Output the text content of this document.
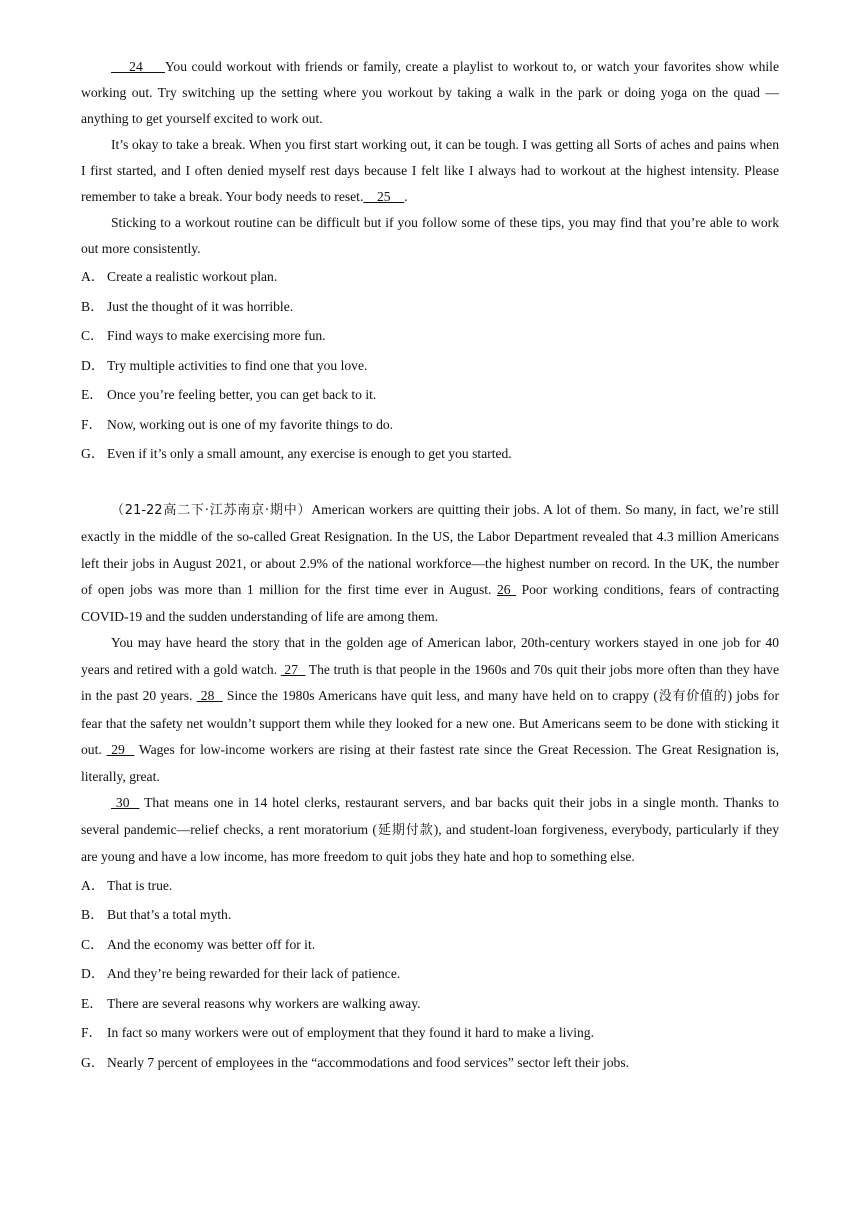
24     You could workout with friends or family, create a playlist to workout to, or watch your favorites show while working out. Try switching up the setting where you workout by taking a walk in the park or doing yoga on the quad — anything to get yourself excited to work out.

It’s okay to take a break. When you first start working out, it can be tough. I was getting all Sorts of aches and pains when I first started, and I often denied myself rest days because I felt like I always had to workout at the highest intensity. Please remember to take a break. Your body needs to reset.    25    .

Sticking to a workout routine can be difficult but if you follow some of these tips, you may find that you’re able to work out more consistently.

A． Create a realistic workout plan.
B． Just the thought of it was horrible.
C． Find ways to make exercising more fun.
D． Try multiple activities to find one that you love.
E． Once you’re feeling better, you can get back to it.
F． Now, working out is one of my favorite things to do.
G． Even if it’s only a small amount, any exercise is enough to get you started.

（21-22高二下·江苏南京·期中）American workers are quitting their jobs. A lot of them. So many, in fact, we’re still exactly in the middle of the so-called Great Resignation. In the US, the Labor Department revealed that 4.3 million Americans left their jobs in August 2021, or about 2.9% of the national workforce—the highest number on record. In the UK, the number of open jobs was more than 1 million for the first time ever in August. 26  Poor working conditions, fears of contracting COVID-19 and the sudden understanding of life are among them.

You may have heard the story that in the golden age of American labor, 20th-century workers stayed in one job for 40 years and retired with a gold watch.  27   The truth is that people in the 1960s and 70s quit their jobs more often than they have in the past 20 years.  28   Since the 1980s Americans have quit less, and many have held on to crappy (没有价值的) jobs for fear that the safety net wouldn’t support them while they looked for a new one. But Americans seem to be done with sticking it out.  29   Wages for low-income workers are rising at their fastest rate since the Great Recession. The Great Resignation is, literally, great.

30   That means one in 14 hotel clerks, restaurant servers, and bar backs quit their jobs in a single month. Thanks to several pandemic—relief checks, a rent moratorium (延期付款), and student-loan forgiveness, everybody, particularly if they are young and have a low income, has more freedom to quit jobs they hate and hop to something else.

A． That is true.
B． But that’s a total myth.
C． And the economy was better off for it.
D． And they’re being rewarded for their lack of patience.
E． There are several reasons why workers are walking away.
F． In fact so many workers were out of employment that they found it hard to make a living.
G． Nearly 7 percent of employees in the “accommodations and food services” sector left their jobs.
